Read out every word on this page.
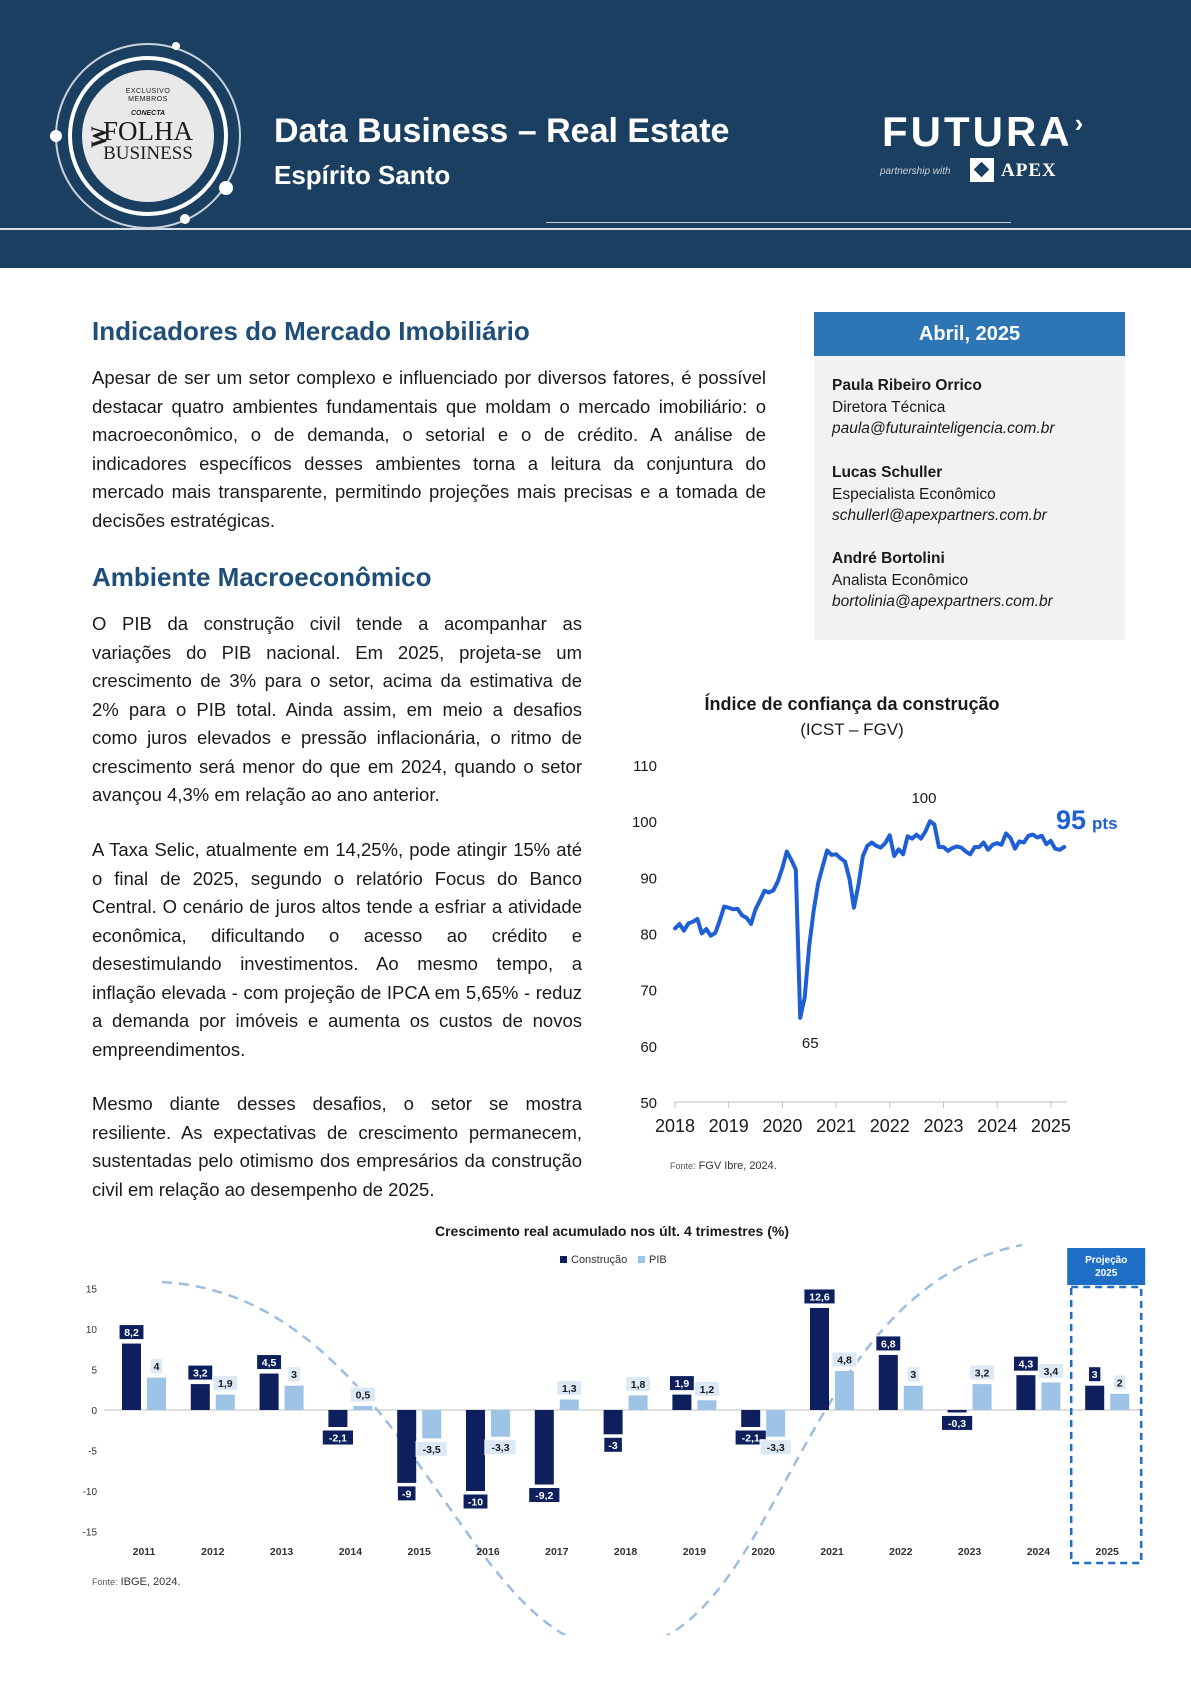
EXCLUSIVO
MEMBROS
CONECTA
FOLHA
BUSINESS
W	Data Business – Real Estate
Espírito Santo
FUTURA›
partnership with	APEX
Indicadores do Mercado Imobiliário
Apesar de ser um setor complexo e influenciado por diversos fatores, é possível destacar quatro ambientes fundamentais que moldam o mercado imobiliário: o macroeconômico, o de demanda, o setorial e o de crédito. A análise de indicadores específicos desses ambientes torna a leitura da conjuntura do mercado mais transparente, permitindo projeções mais precisas e a tomada de decisões estratégicas.
Abril, 2025
Paula Ribeiro Orrico
Diretora Técnica
paula@futurainteligencia.com.br
Lucas Schuller
Especialista Econômico
schullerl@apexpartners.com.br
André Bortolini
Analista Econômico
bortolinia@apexpartners.com.br
Ambiente Macroeconômico
O PIB da construção civil tende a acompanhar as variações do PIB nacional. Em 2025, projeta-se um crescimento de 3% para o setor, acima da estimativa de 2% para o PIB total. Ainda assim, em meio a desafios como juros elevados e pressão inflacionária, o ritmo de crescimento será menor do que em 2024, quando o setor avançou 4,3% em relação ao ano anterior.
A Taxa Selic, atualmente em 14,25%, pode atingir 15% até o final de 2025, segundo o relatório Focus do Banco Central. O cenário de juros altos tende a esfriar a atividade econômica, dificultando o acesso ao crédito e desestimulando investimentos. Ao mesmo tempo, a inflação elevada - com projeção de IPCA em 5,65% - reduz a demanda por imóveis e aumenta os custos de novos empreendimentos.
Mesmo diante desses desafios, o setor se mostra resiliente. As expectativas de crescimento permanecem, sustentadas pelo otimismo dos empresários da construção civil em relação ao desempenho de 2025.
Índice de confiança da construção
(ICST – FGV)
50
60
70
80
90
100
110
2018 2019 2020 2021 2022 2023 2024 2025
100
65
95 pts
Fonte: FGV Ibre, 2024.
Crescimento real acumulado nos últ. 4 trimestres (%)
Construção PIB
-15
-10
-5
0
5
10
15
8,2
4
3,2
1,9
4,5
3
-2,1
0,5
-9
-3,5
-10
-3,3
-9,2
1,3
-3
1,8	1,9 1,2
-2,1
-3,3
12,6
4,8
6,8
3
-0,3
3,2
4,3
3,4	3
2
2011	2012	2013	2014	2015	2016	2017	2018	2019	2020	2021	2022	2023	2024	2025
Projeção 2025
Fonte: IBGE, 2024.
